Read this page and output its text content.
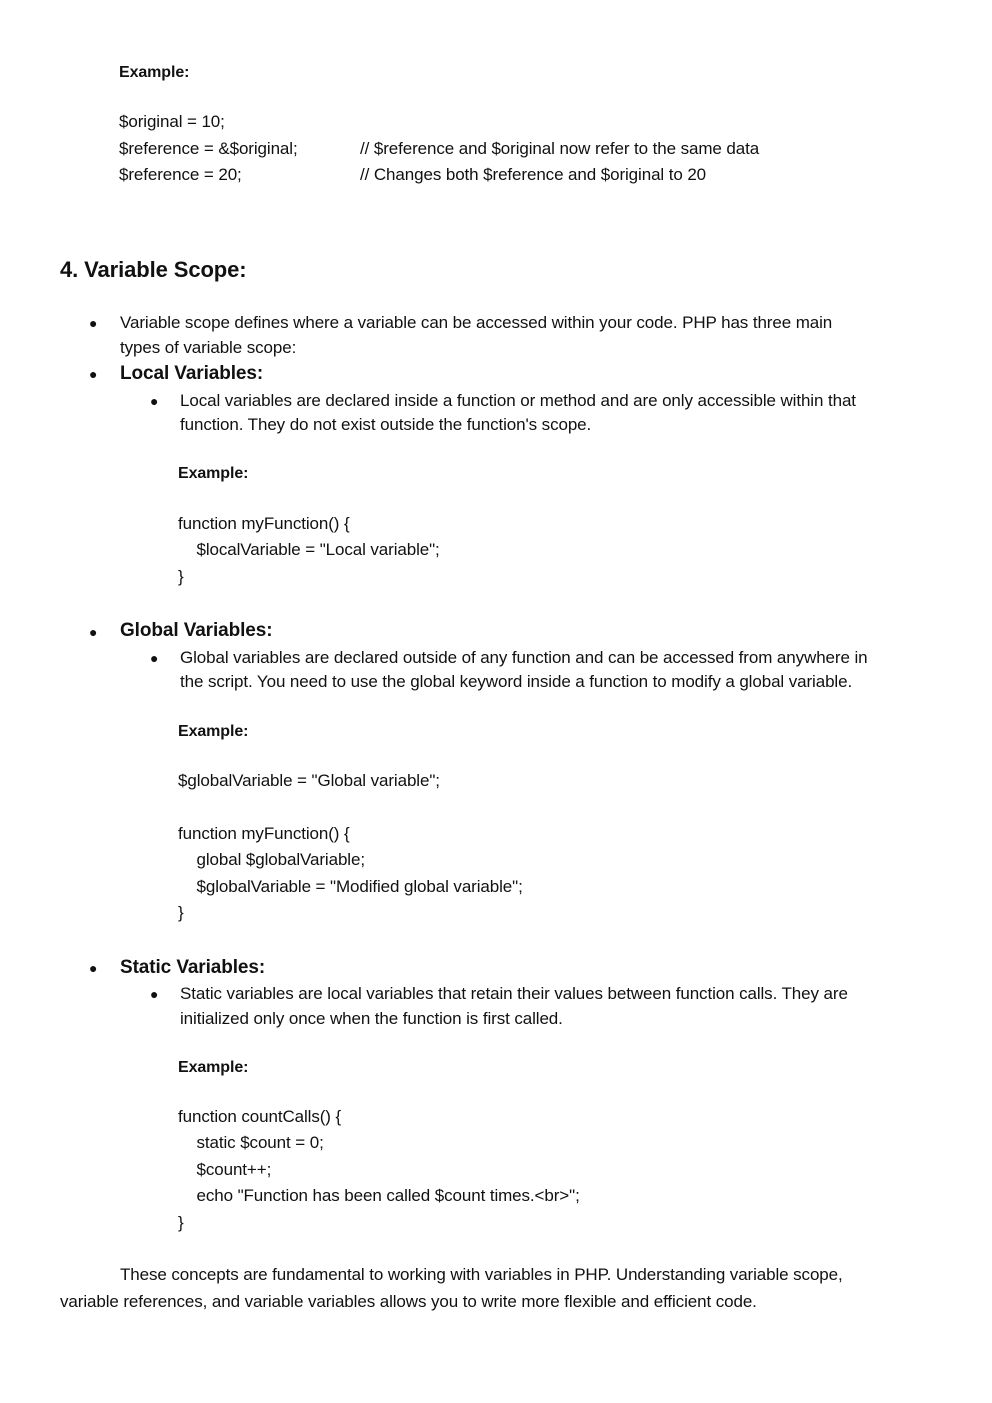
Example:
$original = 10;
$reference = &$original;	// $reference and $original now refer to the same data
$reference = 20;	// Changes both $reference and $original to 20
4. Variable Scope:
● Variable scope defines where a variable can be accessed within your code. PHP has three main
types of variable scope:
● Local Variables:
● Local variables are declared inside a function or method and are only accessible within that
function. They do not exist outside the function's scope.
Example:
function myFunction() {
$localVariable = "Local variable";
}
● Global Variables:
● Global variables are declared outside of any function and can be accessed from anywhere in
the script. You need to use the global keyword inside a function to modify a global variable.
Example:
$globalVariable = "Global variable";
function myFunction() {
global $globalVariable;
$globalVariable = "Modified global variable";
}
● Static Variables:
● Static variables are local variables that retain their values between function calls. They are
initialized only once when the function is first called.
Example:
function countCalls() {
static $count = 0;
$count++;
echo "Function has been called $count times.<br>";
}
These concepts are fundamental to working with variables in PHP. Understanding variable scope,
variable references, and variable variables allows you to write more flexible and efficient code.
